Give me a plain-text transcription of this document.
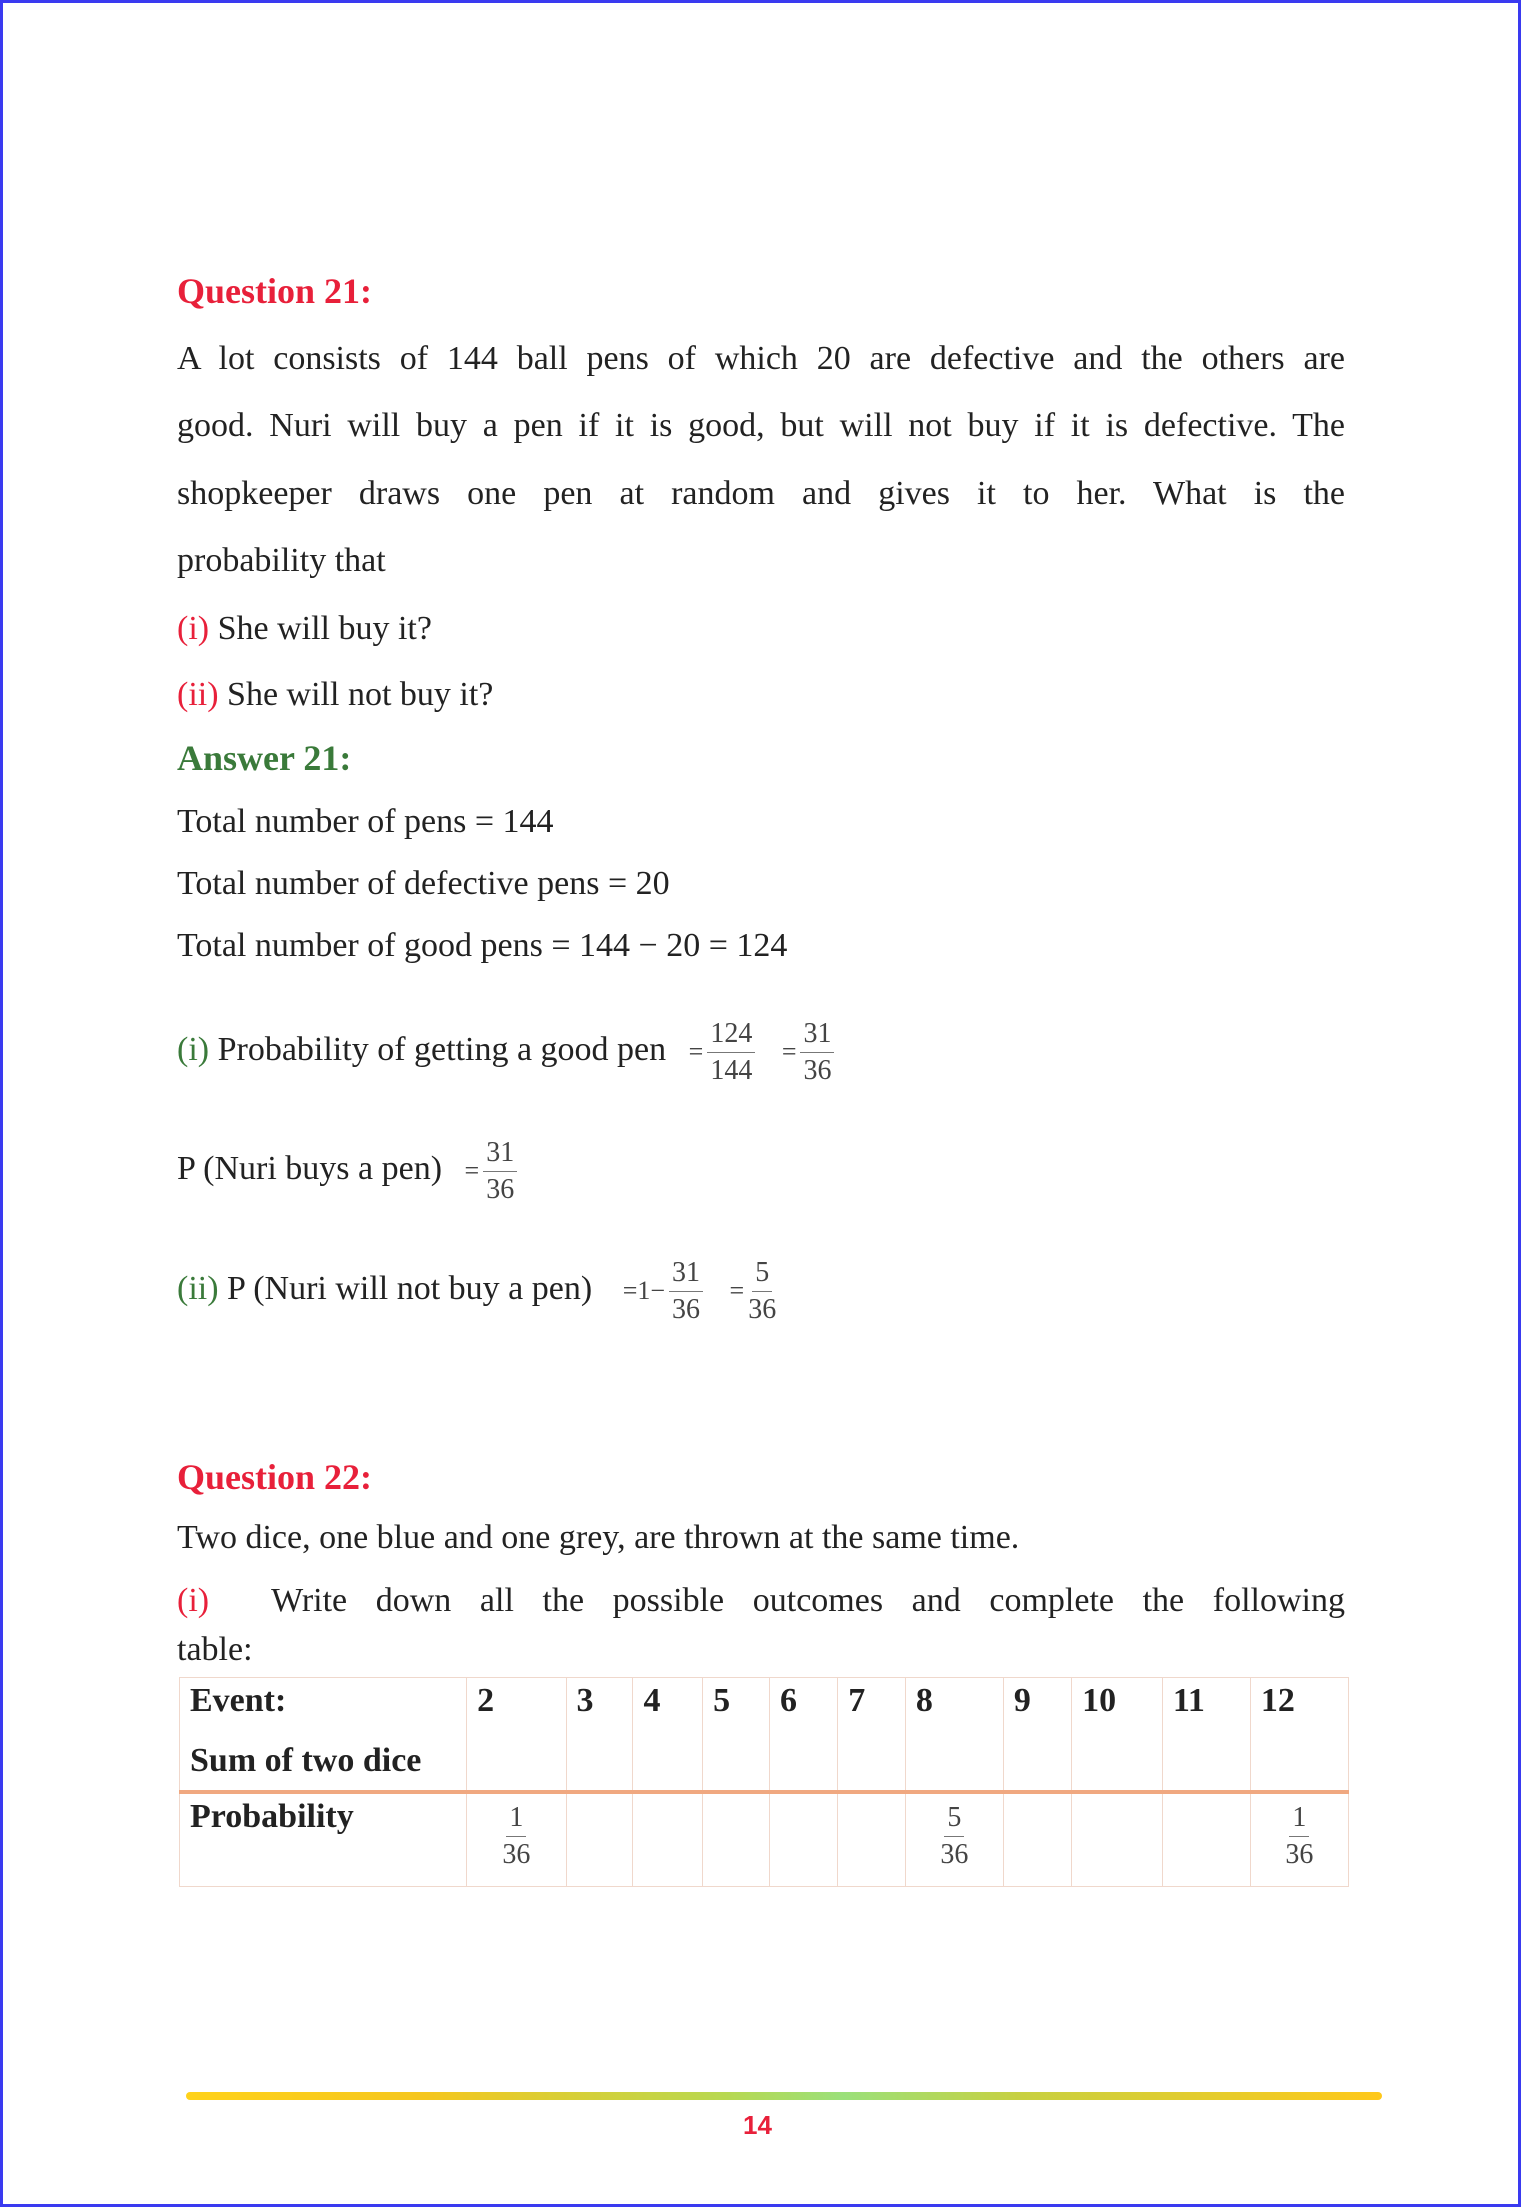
Question 21:
A lot consists of 144 ball pens of which 20 are defective and the others are
good. Nuri will buy a pen if it is good, but will not buy if it is defective. The
shopkeeper draws one pen at random and gives it to her. What is the
probability that
(i) She will buy it?
(ii) She will not buy it?
Answer 21:
Total number of pens = 144
Total number of defective pens = 20
Total number of good pens = 144 − 20 = 124
(i) Probability of getting a good pen = $\frac{124}{144} = \frac{31}{36}$
P (Nuri buys a $pen) = \frac{31}{36}$
(ii) P (Nuri will not buy a $pen) =1- \frac{31}{36} = \frac{5}{36}$
Question 22:
Two dice, one blue and one grey, are thrown at the same time.
(i) Write down all the possible outcomes and complete the following
table:
Event:
Sum of two dice	2	3	4	5	6	7	8	9	10	11	12
Probability	$\frac{1}{36}$						$\frac{5}{36}$				$\frac{1}{36}$
14
